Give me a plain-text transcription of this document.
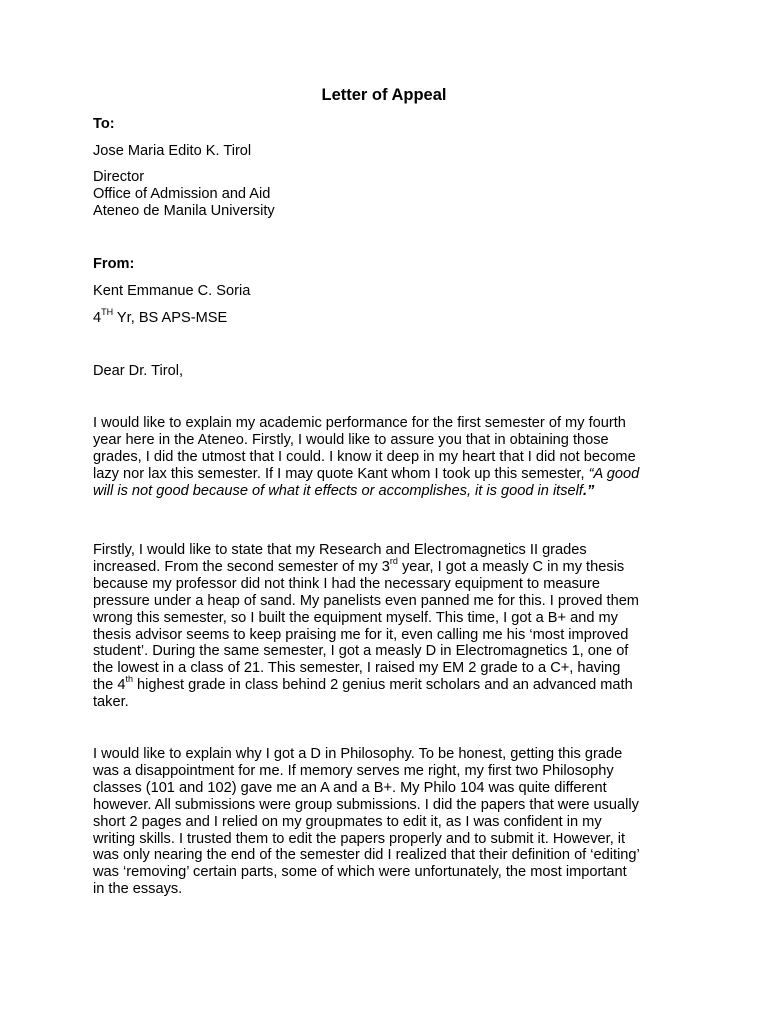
Letter of Appeal
To:
Jose Maria Edito K. Tirol
Director
Office of Admission and Aid
Ateneo de Manila University
From:
Kent Emmanue C. Soria
4TH Yr, BS APS-MSE
Dear Dr. Tirol,
I would like to explain my academic performance for the first semester of my fourth
year here in the Ateneo. Firstly, I would like to assure you that in obtaining those
grades, I did the utmost that I could. I know it deep in my heart that I did not become
lazy nor lax this semester. If I may quote Kant whom I took up this semester, “A good
will is not good because of what it effects or accomplishes, it is good in itself.”
Firstly, I would like to state that my Research and Electromagnetics II grades
increased. From the second semester of my 3rd year, I got a measly C in my thesis
because my professor did not think I had the necessary equipment to measure
pressure under a heap of sand. My panelists even panned me for this. I proved them
wrong this semester, so I built the equipment myself. This time, I got a B+ and my
thesis advisor seems to keep praising me for it, even calling me his ‘most improved
student’. During the same semester, I got a measly D in Electromagnetics 1, one of
the lowest in a class of 21. This semester, I raised my EM 2 grade to a C+, having
the 4th highest grade in class behind 2 genius merit scholars and an advanced math
taker.
I would like to explain why I got a D in Philosophy. To be honest, getting this grade
was a disappointment for me. If memory serves me right, my first two Philosophy
classes (101 and 102) gave me an A and a B+. My Philo 104 was quite different
however. All submissions were group submissions. I did the papers that were usually
short 2 pages and I relied on my groupmates to edit it, as I was confident in my
writing skills. I trusted them to edit the papers properly and to submit it. However, it
was only nearing the end of the semester did I realized that their definition of ‘editing’
was ‘removing’ certain parts, some of which were unfortunately, the most important
in the essays.
